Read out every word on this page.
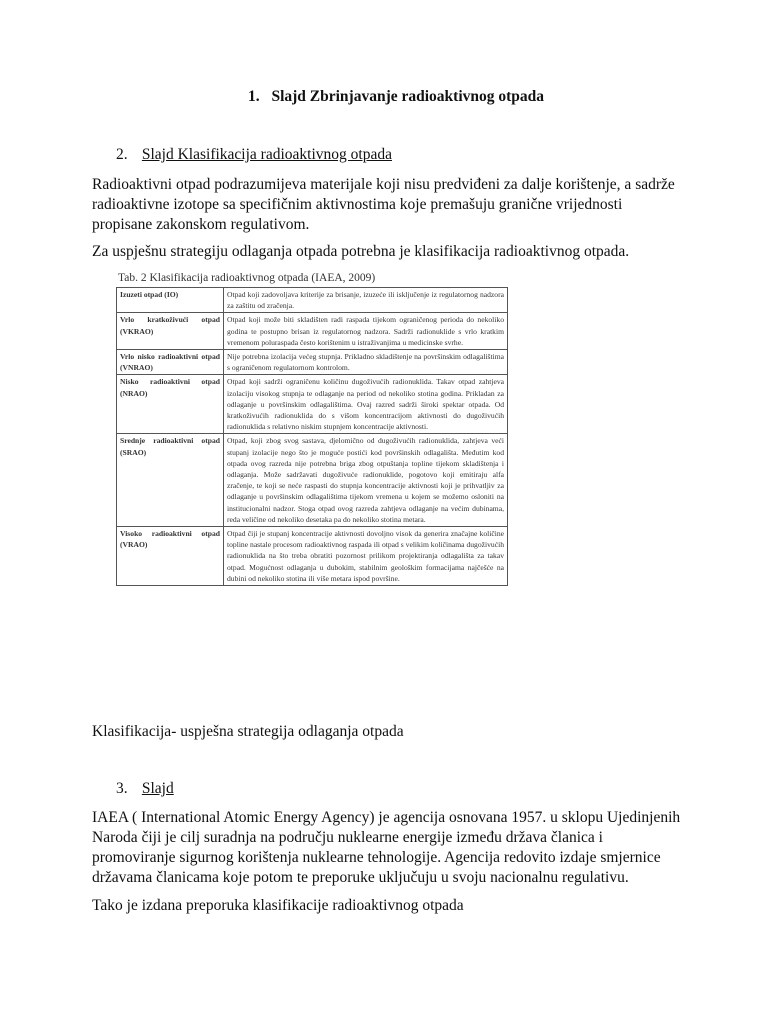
1. Slajd Zbrinjavanje radioaktivnog otpada
2. Slajd Klasifikacija radioaktivnog otpada
Radioaktivni otpad podrazumijeva materijale koji nisu predviđeni za dalje korištenje, a sadrže radioaktivne izotope sa specifičnim aktivnostima koje premašuju granične vrijednosti propisane zakonskom regulativom.
Za uspješnu strategiju odlaganja otpada potrebna je klasifikacija radioaktivnog otpada.
Tab. 2 Klasifikacija radioaktivnog otpada (IAEA, 2009)
Izuzeti otpad (IO)	Otpad koji zadovoljava kriterije za brisanje, izuzeće ili isključenje iz regulatornog nadzora za zaštitu od zračenja.
Vrlo kratkoživući otpad (VKRAO)	Otpad koji može biti skladišten radi raspada tijekom ograničenog perioda do nekoliko godina te postupno brisan iz regulatornog nadzora. Sadrži radionuklide s vrlo kratkim vremenom poluraspada često korištenim u istraživanjima u medicinske svrhe.
Vrlo nisko radioaktivni otpad (VNRAO)	Nije potrebna izolacija većeg stupnja. Prikladno skladištenje na površinskim odlagalištima s ograničenom regulatornom kontrolom.
Nisko radioaktivni otpad (NRAO)	Otpad koji sadrži ograničenu količinu dugoživućih radionuklida. Takav otpad zahtjeva izolaciju visokog stupnja te odlaganje na period od nekoliko stotina godina. Prikladan za odlaganje u površinskim odlagalištima. Ovaj razred sadrži široki spektar otpada. Od kratkoživućih radionuklida do s višom koncentracijom aktivnosti do dugoživućih radionuklida s relativno niskim stupnjem koncentracije aktivnosti.
Srednje radioaktivni otpad (SRAO)	Otpad, koji zbog svog sastava, djelomično od dugoživućih radionuklida, zahtjeva veći stupanj izolacije nego što je moguće postići kod površinskih odlagališta. Međutim kod otpada ovog razreda nije potrebna briga zbog otpuštanja topline tijekom skladištenja i odlaganja. Može sadržavati dugoživuće radionuklide, pogotovo koji emitiraju alfa zračenje, te koji se neće raspasti do stupnja koncentracije aktivnosti koji je prihvatljiv za odlaganje u površinskim odlagalištima tijekom vremena u kojem se možemo osloniti na institucionalni nadzor. Stoga otpad ovog razreda zahtjeva odlaganje na većim dubinama, reda veličine od nekoliko desetaka pa do nekoliko stotina metara.
Visoko radioaktivni otpad (VRAO)	Otpad čiji je stupanj koncentracije aktivnosti dovoljno visok da generira značajne količine topline nastale procesom radioaktivnog raspada ili otpad s velikim količinama dugoživućih radionuklida na što treba obratiti pozornost prilikom projektiranja odlagališta za takav otpad. Mogućnost odlaganja u dubokim, stabilnim geološkim formacijama najčešće na dubini od nekoliko stotina ili više metara ispod površine.
Klasifikacija- uspješna strategija odlaganja otpada
3. Slajd
IAEA ( International Atomic Energy Agency) je agencija osnovana 1957. u sklopu Ujedinjenih Naroda čiji je cilj suradnja na području nuklearne energije između država članica i promoviranje sigurnog korištenja nuklearne tehnologije. Agencija redovito izdaje smjernice državama članicama koje potom te preporuke uključuju u svoju nacionalnu regulativu.
Tako je izdana preporuka klasifikacije radioaktivnog otpada
